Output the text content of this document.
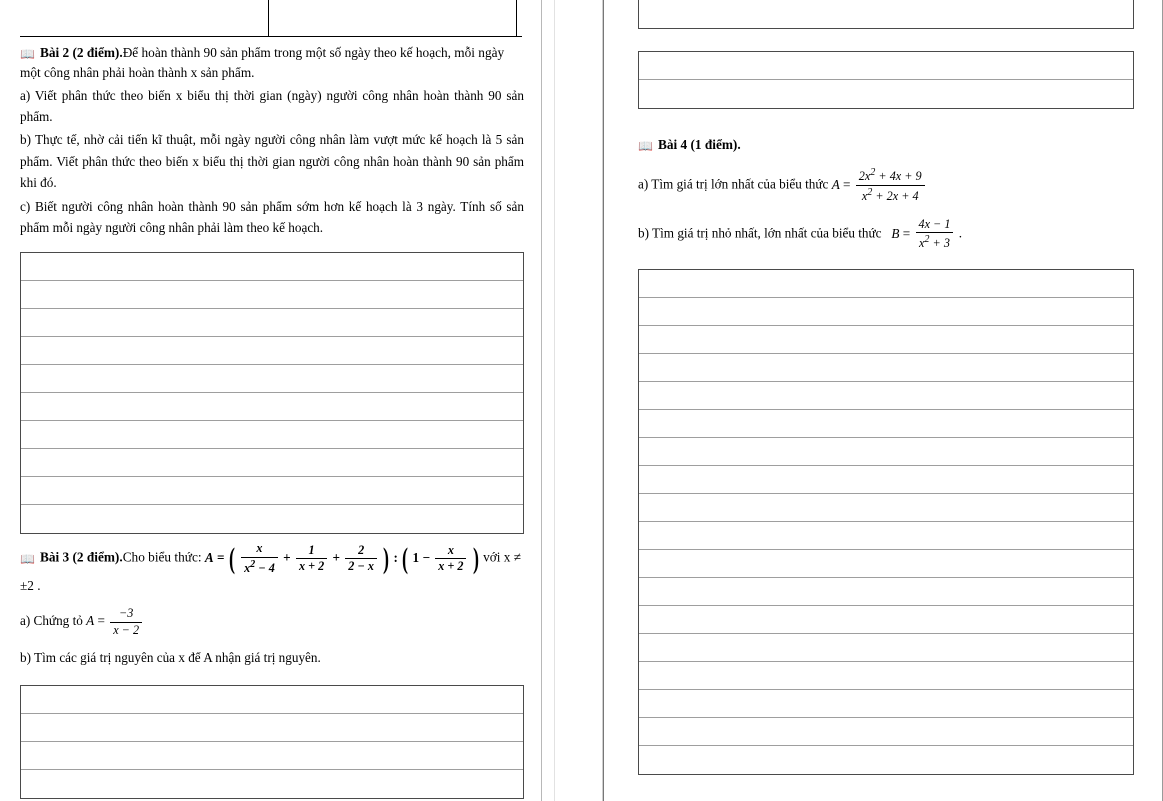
📖 Bài 2 (2 điểm).Để hoàn thành 90 sản phẩm trong một số ngày theo kế hoạch, mỗi ngày một công nhân phải hoàn thành x sản phẩm.

a) Viết phân thức theo biến x biểu thị thời gian (ngày) người công nhân hoàn thành 90 sản phẩm.

b) Thực tế, nhờ cải tiến kĩ thuật, mỗi ngày người công nhân làm vượt mức kế hoạch là 5 sản phẩm. Viết phân thức theo biến x biểu thị thời gian người công nhân hoàn thành 90 sản phẩm khi đó.

c) Biết người công nhân hoàn thành 90 sản phẩm sớm hơn kế hoạch là 3 ngày. Tính số sản phẩm mỗi ngày người công nhân phải làm theo kế hoạch.

📖 Bài 3 (2 điểm).Cho biểu thức: A = ( $\frac{x}{x^2 - 4} + \frac{1}{x + 2} + \frac{2}{2 - x}$ ) : ( $1 - \frac{x}{x + 2}$ ) với x ≠ ±2 .

a) Chứng tỏ $A = \frac{-3}{x - 2}$

b) Tìm các giá trị nguyên của x để A nhận giá trị nguyên.

📖 Bài 4 (1 điểm).

a) Tìm giá trị lớn nhất của biểu thức $A = \frac{2x^2 + 4x + 9}{x^2 + 2x + 4}$

b) Tìm giá trị nhỏ nhất, lớn nhất của biểu thức $B = \frac{4x - 1}{x^2 + 3}$ .
